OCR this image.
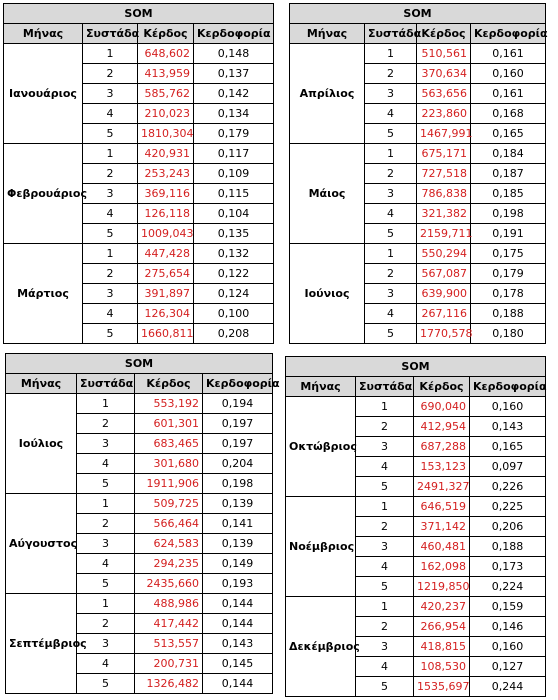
SOM			
Μήνας	Συστάδα	Κέρδος	Κερδοφορία
Ιανουάριος	1	648,602	0,148
	2	413,959	0,137
	3	585,762	0,142
	4	210,023	0,134
	5	1810,304	0,179
Φεβρουάριος	1	420,931	0,117
	2	253,243	0,109
	3	369,116	0,115
	4	126,118	0,104
	5	1009,043	0,135
Μάρτιος	1	447,428	0,132
	2	275,654	0,122
	3	391,897	0,124
	4	126,304	0,100
	5	1660,811	0,208
SOM			
Μήνας	Συστάδα	Κέρδος	Κερδοφορία
Απρίλιος	1	510,561	0,161
	2	370,634	0,160
	3	563,656	0,161
	4	223,860	0,168
	5	1467,991	0,165
Μάιος	1	675,171	0,184
	2	727,518	0,187
	3	786,838	0,185
	4	321,382	0,198
	5	2159,711	0,191
Ιούνιος	1	550,294	0,175
	2	567,087	0,179
	3	639,900	0,178
	4	267,116	0,188
	5	1770,578	0,180
SOM			
Μήνας	Συστάδα	Κέρδος	Κερδοφορία
Ιούλιος	1	553,192	0,194
	2	601,301	0,197
	3	683,465	0,197
	4	301,680	0,204
	5	1911,906	0,198
Αύγουστος	1	509,725	0,139
	2	566,464	0,141
	3	624,583	0,139
	4	294,235	0,149
	5	2435,660	0,193
Σεπτέμβριος	1	488,986	0,144
	2	417,442	0,144
	3	513,557	0,143
	4	200,731	0,145
	5	1326,482	0,144
SOM			
Μήνας	Συστάδα	Κέρδος	Κερδοφορία
Οκτώβριος	1	690,040	0,160
	2	412,954	0,143
	3	687,288	0,165
	4	153,123	0,097
	5	2491,327	0,226
Νοέμβριος	1	646,519	0,225
	2	371,142	0,206
	3	460,481	0,188
	4	162,098	0,173
	5	1219,850	0,224
Δεκέμβριος	1	420,237	0,159
	2	266,954	0,146
	3	418,815	0,160
	4	108,530	0,127
	5	1535,697	0,244
